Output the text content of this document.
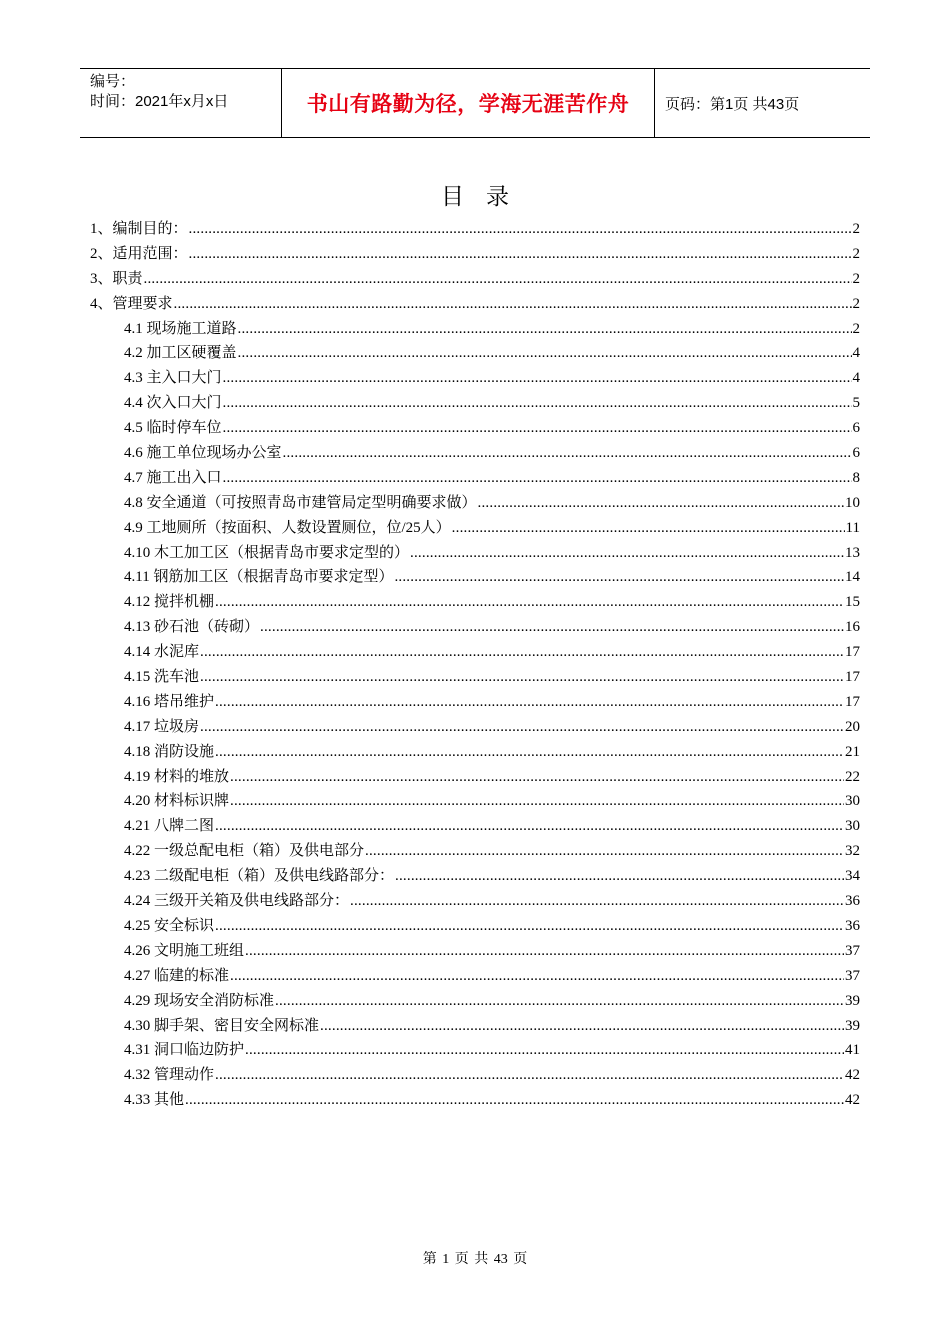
编号：
时间：2021年x月x日	书山有路勤为径，学海无涯苦作舟	页码：第1页 共43页
目录
1、编制目的： .....	2
2、适用范围： .....	2
3、职责 .....	2
4、管理要求 .....	2
4.1 现场施工道路 .....	2
4.2 加工区硬覆盖 .....	4
4.3 主入口大门 .....	4
4.4 次入口大门 .....	5
4.5 临时停车位 .....	6
4.6 施工单位现场办公室 .....	6
4.7 施工出入口 .....	8
4.8 安全通道（可按照青岛市建管局定型明确要求做） .....	10
4.9 工地厕所（按面积、人数设置厕位，位/25人） .....	11
4.10 木工加工区（根据青岛市要求定型的） .....	13
4.11 钢筋加工区（根据青岛市要求定型） .....	14
4.12 搅拌机棚 .....	15
4.13 砂石池（砖砌） .....	16
4.14 水泥库 .....	17
4.15 洗车池 .....	17
4.16 塔吊维护 .....	17
4.17 垃圾房 .....	20
4.18 消防设施 .....	21
4.19 材料的堆放 .....	22
4.20 材料标识牌 .....	30
4.21 八牌二图 .....	30
4.22 一级总配电柜（箱）及供电部分 .....	32
4.23 二级配电柜（箱）及供电线路部分： .....	34
4.24 三级开关箱及供电线路部分： .....	36
4.25 安全标识 .....	36
4.26 文明施工班组 .....	37
4.27 临建的标准 .....	37
4.29 现场安全消防标准 .....	39
4.30 脚手架、密目安全网标准 .....	39
4.31 洞口临边防护 .....	41
4.32 管理动作 .....	42
4.33 其他 .....	42
第 1 页 共 43 页
